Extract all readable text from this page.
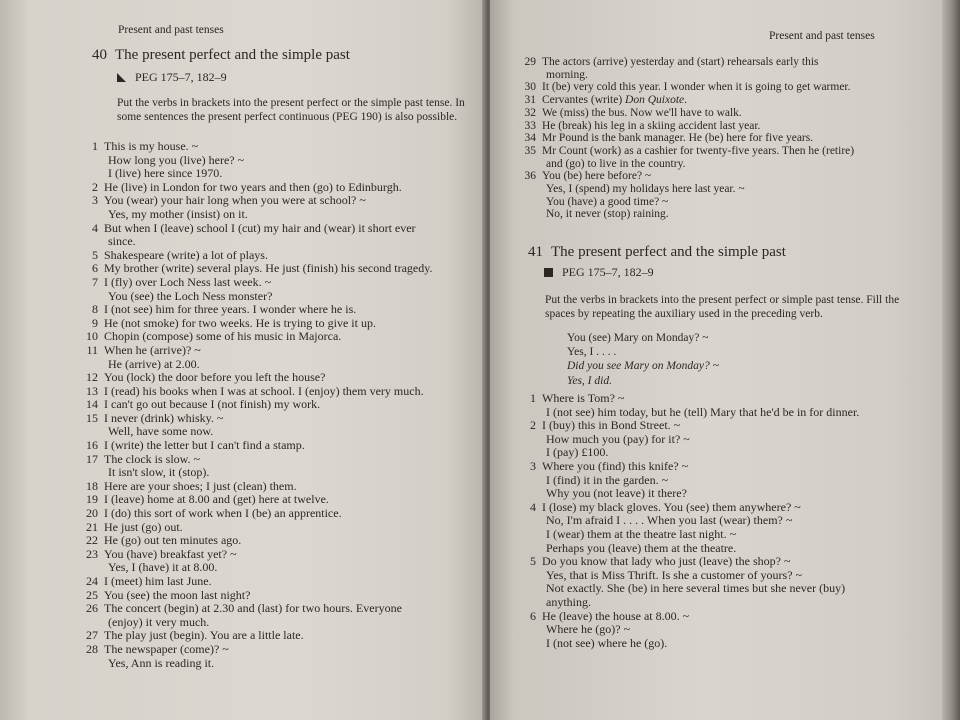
Present and past tenses
40 The present perfect and the simple past
PEG 175–7, 182–9

Put the verbs in brackets into the present perfect or the simple past tense. In some sentences the present perfect continuous (PEG 190) is also possible.

1 This is my house. ~
How long you (live) here? ~
I (live) here since 1970.
2 He (live) in London for two years and then (go) to Edinburgh.
3 You (wear) your hair long when you were at school? ~
Yes, my mother (insist) on it.
4 But when I (leave) school I (cut) my hair and (wear) it short ever
since.
5 Shakespeare (write) a lot of plays.
6 My brother (write) several plays. He just (finish) his second tragedy.
7 I (fly) over Loch Ness last week. ~
You (see) the Loch Ness monster?
8 I (not see) him for three years. I wonder where he is.
9 He (not smoke) for two weeks. He is trying to give it up.
10 Chopin (compose) some of his music in Majorca.
11 When he (arrive)? ~
He (arrive) at 2.00.
12 You (lock) the door before you left the house?
13 I (read) his books when I was at school. I (enjoy) them very much.
14 I can't go out because I (not finish) my work.
15 I never (drink) whisky. ~
Well, have some now.
16 I (write) the letter but I can't find a stamp.
17 The clock is slow. ~
It isn't slow, it (stop).
18 Here are your shoes; I just (clean) them.
19 I (leave) home at 8.00 and (get) here at twelve.
20 I (do) this sort of work when I (be) an apprentice.
21 He just (go) out.
22 He (go) out ten minutes ago.
23 You (have) breakfast yet? ~
Yes, I (have) it at 8.00.
24 I (meet) him last June.
25 You (see) the moon last night?
26 The concert (begin) at 2.30 and (last) for two hours. Everyone
(enjoy) it very much.
27 The play just (begin). You are a little late.
28 The newspaper (come)? ~
Yes, Ann is reading it.
Present and past tenses
29 The actors (arrive) yesterday and (start) rehearsals early this
morning.
30 It (be) very cold this year. I wonder when it is going to get warmer.
31 Cervantes (write) Don Quixote.
32 We (miss) the bus. Now we'll have to walk.
33 He (break) his leg in a skiing accident last year.
34 Mr Pound is the bank manager. He (be) here for five years.
35 Mr Count (work) as a cashier for twenty-five years. Then he (retire)
and (go) to live in the country.
36 You (be) here before? ~
Yes, I (spend) my holidays here last year. ~
You (have) a good time? ~
No, it never (stop) raining.
41 The present perfect and the simple past
PEG 175–7, 182–9

Put the verbs in brackets into the present perfect or simple past tense. Fill the spaces by repeating the auxiliary used in the preceding verb.

You (see) Mary on Monday? ~
Yes, I . . . .
Did you see Mary on Monday? ~
Yes, I did.
1 Where is Tom? ~
I (not see) him today, but he (tell) Mary that he'd be in for dinner.
2 I (buy) this in Bond Street. ~
How much you (pay) for it? ~
I (pay) £100.
3 Where you (find) this knife? ~
I (find) it in the garden. ~
Why you (not leave) it there?
4 I (lose) my black gloves. You (see) them anywhere? ~
No, I'm afraid I . . . . When you last (wear) them? ~
I (wear) them at the theatre last night. ~
Perhaps you (leave) them at the theatre.
5 Do you know that lady who just (leave) the shop? ~
Yes, that is Miss Thrift. Is she a customer of yours? ~
Not exactly. She (be) in here several times but she never (buy)
anything.
6 He (leave) the house at 8.00. ~
Where he (go)? ~
I (not see) where he (go).
